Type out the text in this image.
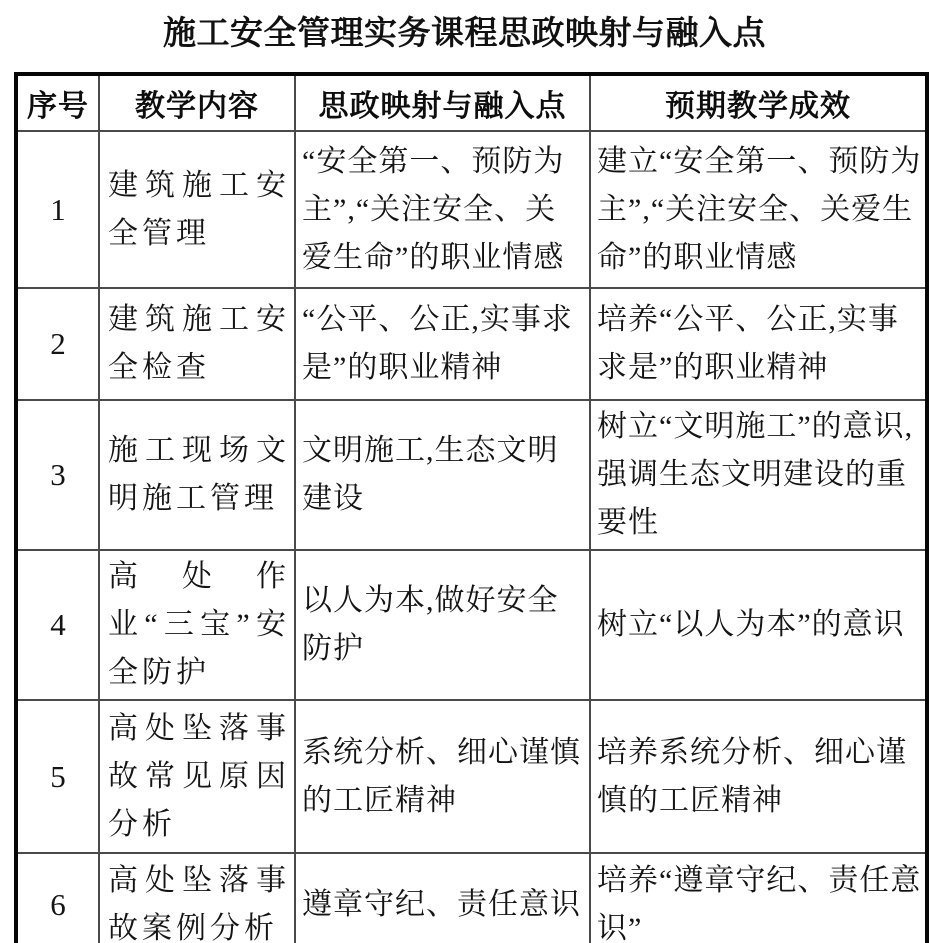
施工安全管理实务课程思政映射与融入点
序号	教学内容	思政映射与融入点	预期教学成效
1	建筑施工安全管理	“安全第一、预防为主”,“关注安全、关爱生命”的职业情感	建立“安全第一、预防为主”,“关注安全、关爱生命”的职业情感
2	建筑施工安全检查	“公平、公正,实事求是”的职业精神	培养“公平、公正,实事求是”的职业精神
3	施工现场文明施工管理	文明施工,生态文明建设	树立“文明施工”的意识,强调生态文明建设的重要性
4	高处作业“三宝”安全防护	以人为本,做好安全防护	树立“以人为本”的意识
5	高处坠落事故常见原因分析	系统分析、细心谨慎的工匠精神	培养系统分析、细心谨慎的工匠精神
6	高处坠落事故案例分析	遵章守纪、责任意识	培养“遵章守纪、责任意识”
